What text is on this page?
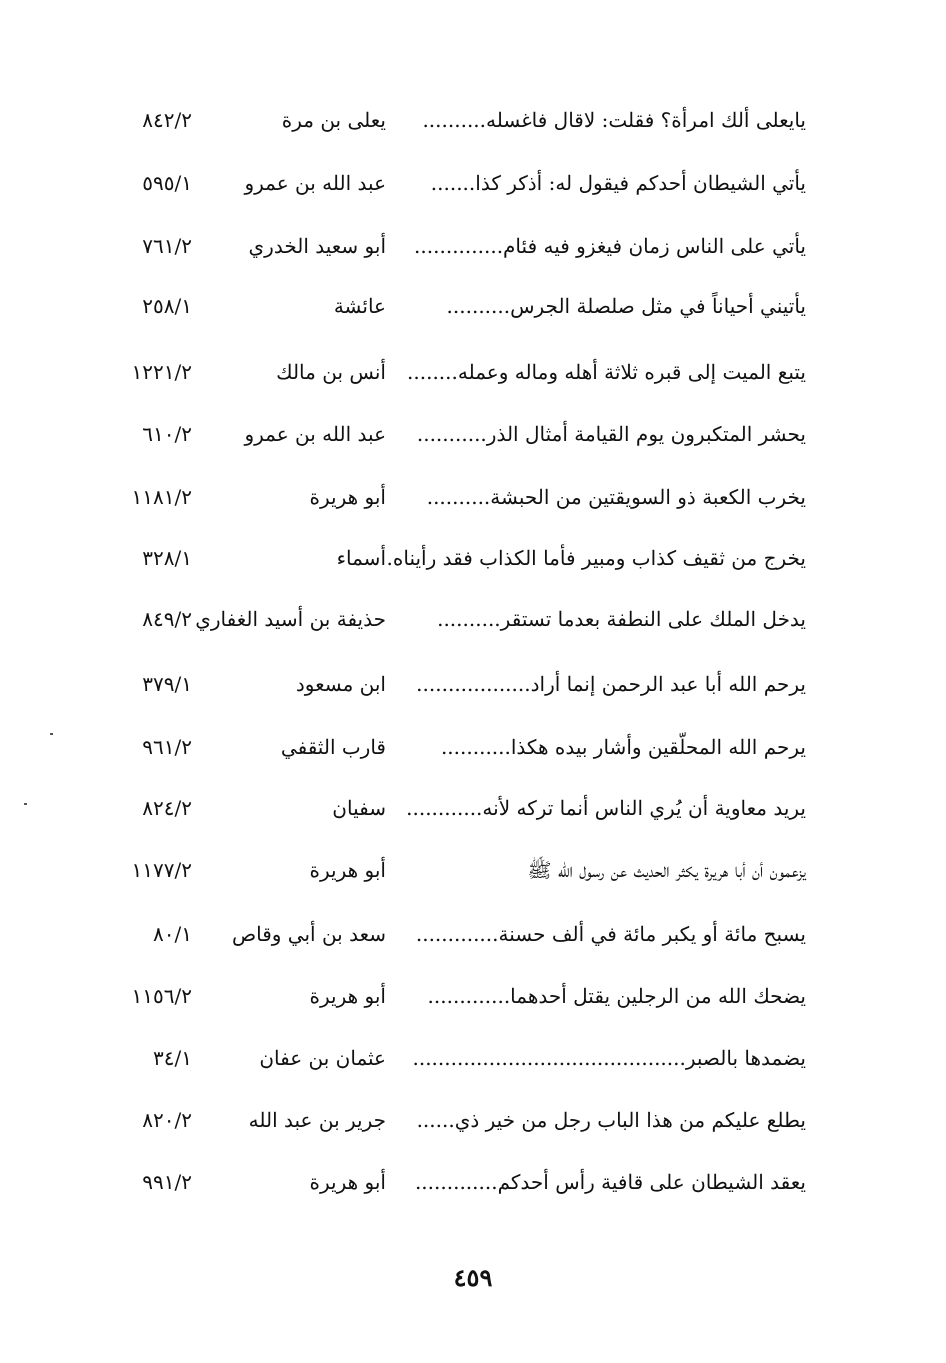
يايعلى ألك امرأة؟ فقلت: لاقال فاغسله..........
يعلى بن مرة
٨٤٢/٢
يأتي الشيطان أحدكم فيقول له: أذكر كذا.......
عبد الله بن عمرو
٥٩٥/١
يأتي على الناس زمان فيغزو فيه فئام..............
أبو سعيد الخدري
٧٦١/٢
يأتيني أحياناً في مثل صلصلة الجرس..........
عائشة
٢٥٨/١
يتبع الميت إلى قبره ثلاثة أهله وماله وعمله........
أنس بن مالك
١٢٢١/٢
يحشر المتكبرون يوم القيامة أمثال الذر...........
عبد الله بن عمرو
٦١٠/٢
يخرب الكعبة ذو السويقتين من الحبشة..........
أبو هريرة
١١٨١/٢
يخرج من ثقيف كذاب ومبير فأما الكذاب فقد رأيناه.
أسماء
٣٢٨/١
يدخل الملك على النطفة بعدما تستقر..........
حذيفة بن أسيد الغفاري
٨٤٩/٢
يرحم الله أبا عبد الرحمن إنما أراد..................
ابن مسعود
٣٧٩/١
يرحم الله المحلّقين وأشار بيده هكذا...........
قارب الثقفي
٩٦١/٢
يريد معاوية أن يُري الناس أنما تركه لأنه............
سفيان
٨٢٤/٢
يزعمون أن أبا هريرة يكثر الحديث عن رسول الله ﷺ
أبو هريرة
١١٧٧/٢
يسبح مائة أو يكبر مائة في ألف حسنة.............
سعد بن أبي وقاص
٨٠/١
يضحك الله من الرجلين يقتل أحدهما.............
أبو هريرة
١١٥٦/٢
يضمدها بالصبر...........................................
عثمان بن عفان
٣٤/١
يطلع عليكم من هذا الباب رجل من خير ذي......
جرير بن عبد الله
٨٢٠/٢
يعقد الشيطان على قافية رأس أحدكم.............
أبو هريرة
٩٩١/٢
٤٥٩
